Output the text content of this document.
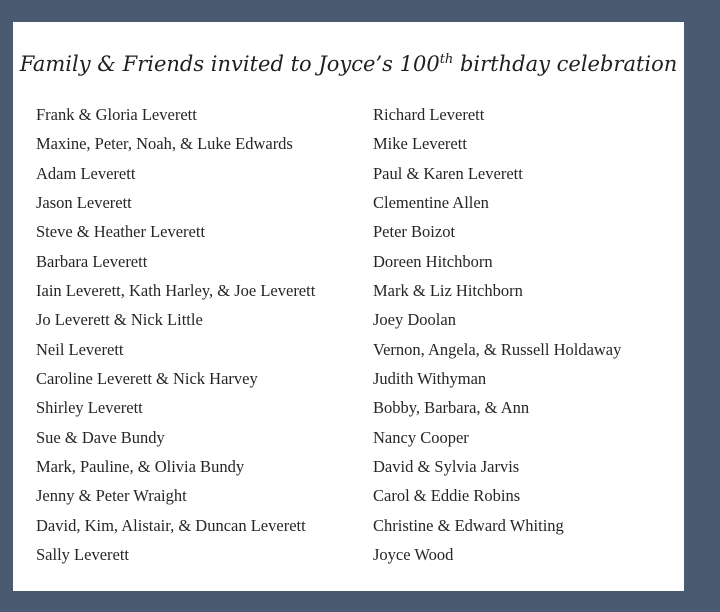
Family & Friends invited to Joyce’s 100th birthday celebration
Frank & Gloria Leverett
Maxine, Peter, Noah, & Luke Edwards
Adam Leverett
Jason Leverett
Steve & Heather Leverett
Barbara Leverett
Iain Leverett, Kath Harley, & Joe Leverett
Jo Leverett & Nick Little
Neil Leverett
Caroline Leverett & Nick Harvey
Shirley Leverett
Sue & Dave Bundy
Mark, Pauline, & Olivia Bundy
Jenny & Peter Wraight
David, Kim, Alistair, & Duncan Leverett
Sally Leverett
Richard Leverett
Mike Leverett
Paul & Karen Leverett
Clementine Allen
Peter Boizot
Doreen Hitchborn
Mark & Liz Hitchborn
Joey Doolan
Vernon, Angela, & Russell Holdaway
Judith Withyman
Bobby, Barbara, & Ann
Nancy Cooper
David & Sylvia Jarvis
Carol & Eddie Robins
Christine & Edward Whiting
Joyce Wood
